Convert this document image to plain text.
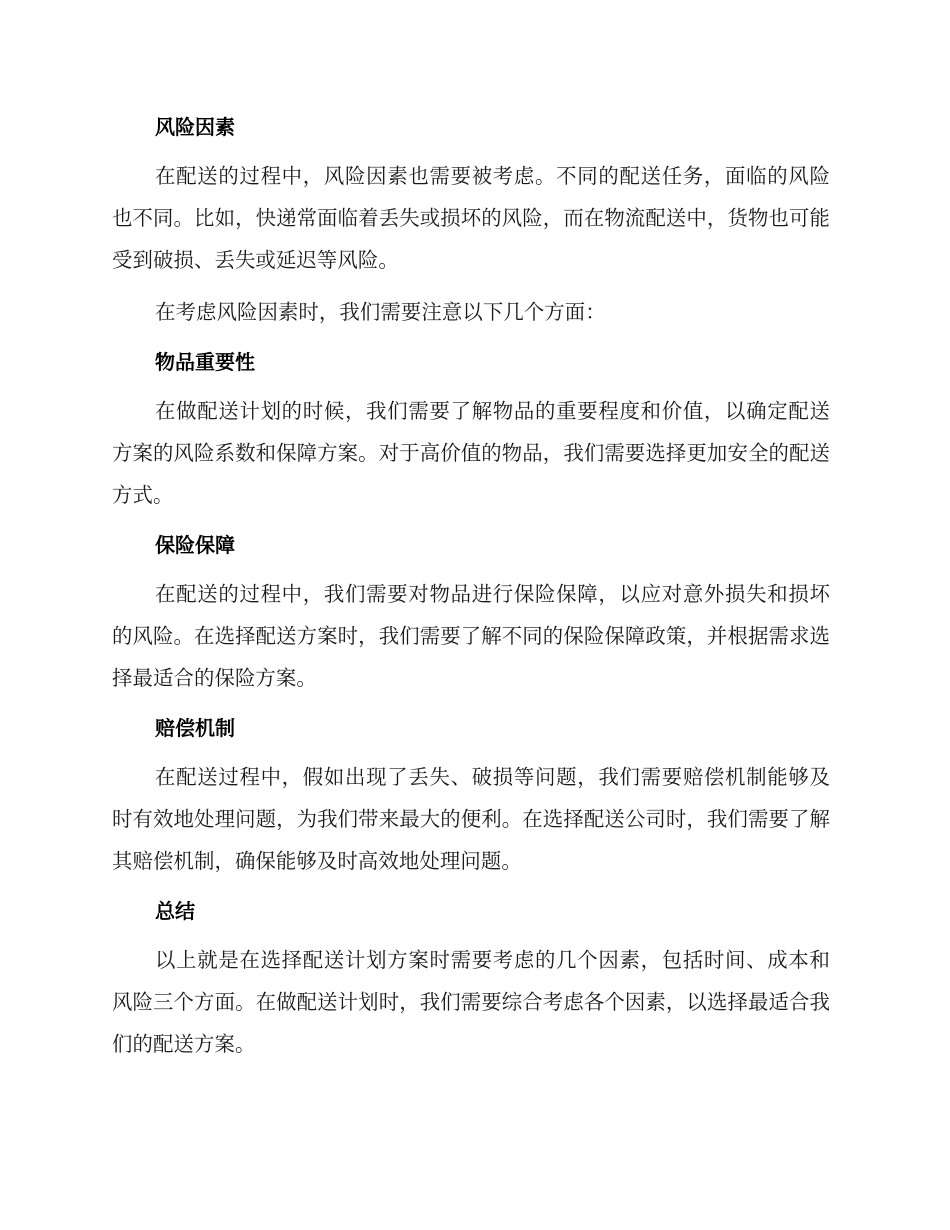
风险因素

在配送的过程中，风险因素也需要被考虑。不同的配送任务，面临的风险也不同。比如，快递常面临着丢失或损坏的风险，而在物流配送中，货物也可能受到破损、丢失或延迟等风险。

在考虑风险因素时，我们需要注意以下几个方面：

物品重要性

在做配送计划的时候，我们需要了解物品的重要程度和价值，以确定配送方案的风险系数和保障方案。对于高价值的物品，我们需要选择更加安全的配送方式。

保险保障

在配送的过程中，我们需要对物品进行保险保障，以应对意外损失和损坏的风险。在选择配送方案时，我们需要了解不同的保险保障政策，并根据需求选择最适合的保险方案。

赔偿机制

在配送过程中，假如出现了丢失、破损等问题，我们需要赔偿机制能够及时有效地处理问题，为我们带来最大的便利。在选择配送公司时，我们需要了解其赔偿机制，确保能够及时高效地处理问题。

总结

以上就是在选择配送计划方案时需要考虑的几个因素，包括时间、成本和风险三个方面。在做配送计划时，我们需要综合考虑各个因素，以选择最适合我们的配送方案。
